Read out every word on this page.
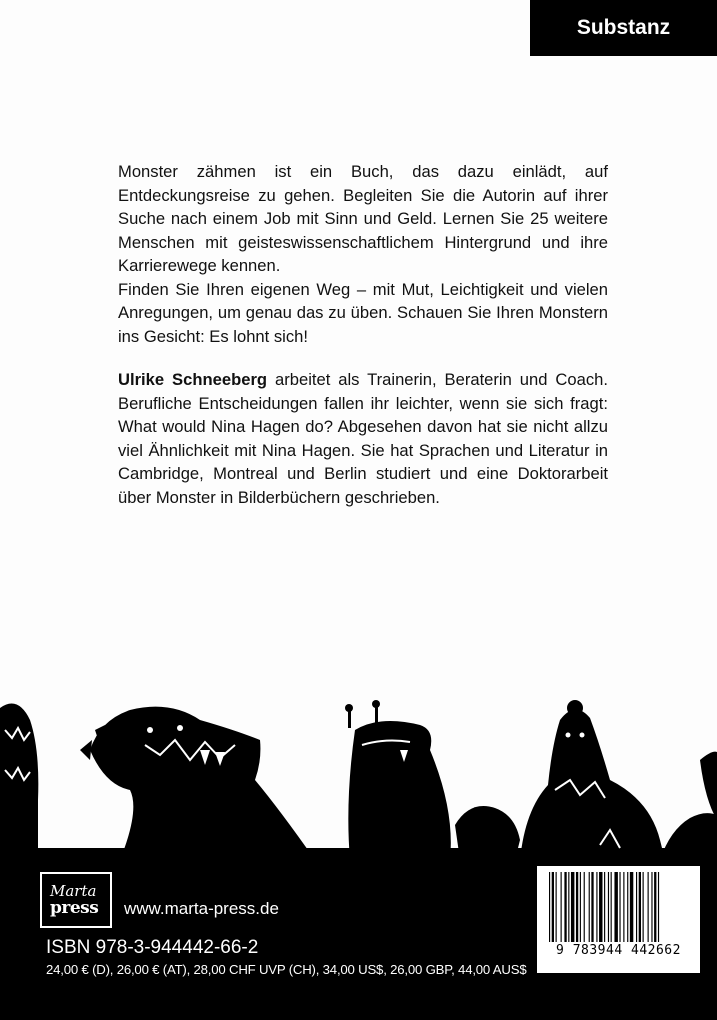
Substanz

Monster zähmen ist ein Buch, das dazu einlädt, auf Entdeckungsreise zu gehen. Begleiten Sie die Autorin auf ihrer Suche nach einem Job mit Sinn und Geld. Lernen Sie 25 weitere Menschen mit geisteswissenschaftlichem Hintergrund und ihre Karrierewege kennen.

Finden Sie Ihren eigenen Weg – mit Mut, Leichtigkeit und vielen Anregungen, um genau das zu üben. Schauen Sie Ihren Monstern ins Gesicht: Es lohnt sich!

Ulrike Schneeberg arbeitet als Trainerin, Beraterin und Coach. Berufliche Entscheidungen fallen ihr leichter, wenn sie sich fragt: What would Nina Hagen do? Abgesehen davon hat sie nicht allzu viel Ähnlichkeit mit Nina Hagen. Sie hat Sprachen und Literatur in Cambridge, Montreal und Berlin studiert und eine Doktorarbeit über Monster in Bilderbüchern geschrieben.

Marta
press	www.marta-press.de
ISBN 978-3-944442-66-2
24,00 € (D), 26,00 € (AT), 28,00 CHF UVP (CH), 34,00 US$, 26,00 GBP, 44,00 AUS$
9 783944 442662
